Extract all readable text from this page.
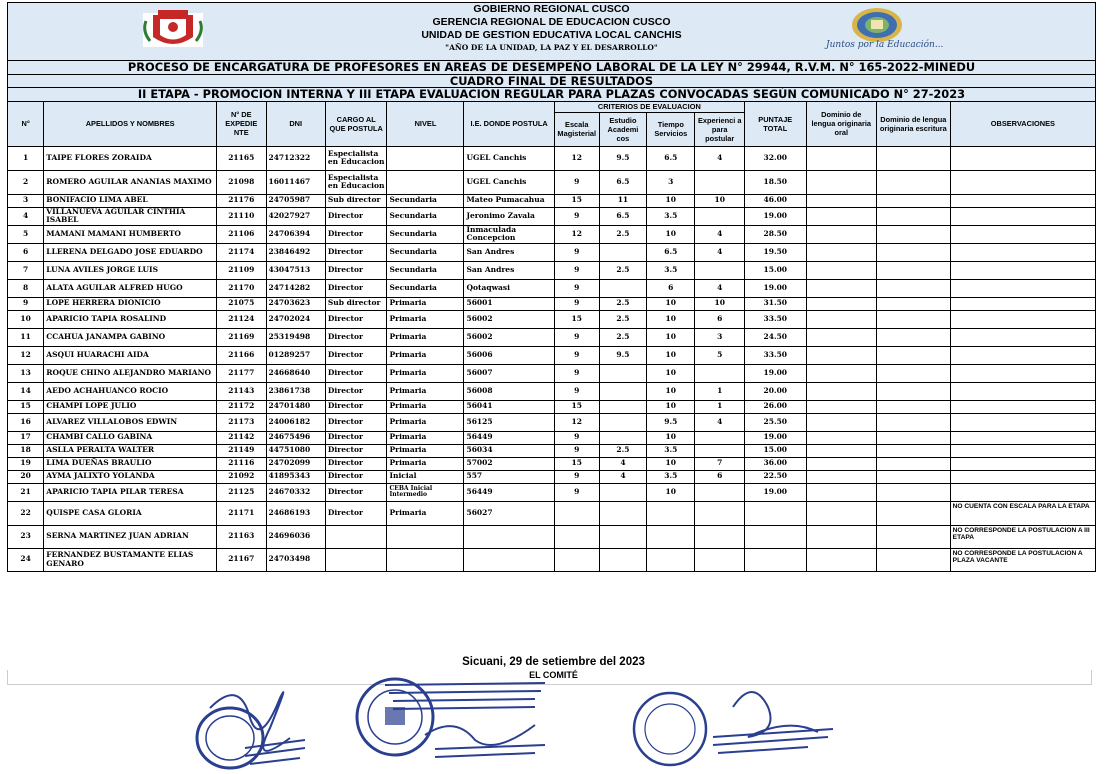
GOBIERNO REGIONAL CUSCO
GERENCIA REGIONAL DE EDUCACION CUSCO
UNIDAD DE GESTION EDUCATIVA LOCAL CANCHIS
"AÑO DE LA UNIDAD, LA PAZ Y EL DESARROLLO"	Juntos por la Educación...
PROCESO DE ENCARGATURA DE PROFESORES EN AREAS DE DESEMPEÑO LABORAL DE LA LEY N° 29944, R.V.M. N° 165-2022-MINEDU
CUADRO FINAL DE RESULTADOS
II ETAPA - PROMOCION INTERNA Y III ETAPA EVALUACION REGULAR PARA PLAZAS CONVOCADAS SEGÚN COMUNICADO N° 27-2023
N°	APELLIDOS Y NOMBRES	N° DE EXPEDIE NTE	DNI	CARGO AL QUE POSTULA	NIVEL	I.E. DONDE POSTULA	CRITERIOS DE EVALUACION				PUNTAJE TOTAL	Dominio de lengua originaria oral	Dominio de lengua originaria escritura	OBSERVACIONES
							Escala Magisterial	Estudio Academi cos	Tiempo Servicios	Experienci a para postular				
1	TAIPE FLORES ZORAIDA	21165	24712322	Especialista en Educacion		UGEL Canchis	12	9.5	6.5	4	32.00			
2	ROMERO AGUILAR ANANIAS MAXIMO	21098	16011467	Especialista en Educacion		UGEL Canchis	9	6.5	3		18.50			
3	BONIFACIO LIMA ABEL	21176	24705987	Sub director	Secundaria	Mateo Pumacahua	15	11	10	10	46.00			
4	VILLANUEVA AGUILAR CINTHIA ISABEL	21110	42027927	Director	Secundaria	Jeronimo Zavala	9	6.5	3.5		19.00			
5	MAMANI MAMANI HUMBERTO	21106	24706394	Director	Secundaria	Inmaculada Concepcion	12	2.5	10	4	28.50			
6	LLERENA DELGADO JOSE EDUARDO	21174	23846492	Director	Secundaria	San Andres	9		6.5	4	19.50			
7	LUNA AVILES JORGE LUIS	21109	43047513	Director	Secundaria	San Andres	9	2.5	3.5		15.00			
8	ALATA AGUILAR ALFRED HUGO	21170	24714282	Director	Secundaria	Qotaqwasi	9		6	4	19.00			
9	LOPE HERRERA DIONICIO	21075	24703623	Sub director	Primaria	56001	9	2.5	10	10	31.50			
10	APARICIO TAPIA ROSALIND	21124	24702024	Director	Primaria	56002	15	2.5	10	6	33.50			
11	CCAHUA JANAMPA GABINO	21169	25319498	Director	Primaria	56002	9	2.5	10	3	24.50			
12	ASQUI HUARACHI AIDA	21166	01289257	Director	Primaria	56006	9	9.5	10	5	33.50			
13	ROQUE CHINO ALEJANDRO MARIANO	21177	24668640	Director	Primaria	56007	9		10		19.00			
14	AEDO ACHAHUANCO ROCIO	21143	23861738	Director	Primaria	56008	9		10	1	20.00			
15	CHAMPI LOPE JULIO	21172	24701480	Director	Primaria	56041	15		10	1	26.00			
16	ALVAREZ VILLALOBOS EDWIN	21173	24006182	Director	Primaria	56125	12		9.5	4	25.50			
17	CHAMBI CALLO GABINA	21142	24675496	Director	Primaria	56449	9		10		19.00			
18	ASLLA PERALTA WALTER	21149	44751080	Director	Primaria	56034	9	2.5	3.5		15.00			
19	LIMA DUEÑAS BRAULIO	21116	24702099	Director	Primaria	57002	15	4	10	7	36.00			
20	AYMA JALIXTO YOLANDA	21092	41895343	Director	Inicial	557	9	4	3.5	6	22.50			
21	APARICIO TAPIA PILAR TERESA	21125	24670332	Director	CEBA Inicial Intermedio	56449	9		10		19.00			
22	QUISPE CASA GLORIA	21171	24686193	Director	Primaria	56027								NO CUENTA CON ESCALA PARA LA ETAPA
23	SERNA MARTINEZ JUAN ADRIAN	21163	24696036											NO CORRESPONDE LA POSTULACION A III ETAPA
24	FERNANDEZ BUSTAMANTE ELIAS GENARO	21167	24703498											NO CORRESPONDE LA POSTULACION A PLAZA VACANTE
Sicuani, 29 de setiembre del 2023
EL COMITÉ
